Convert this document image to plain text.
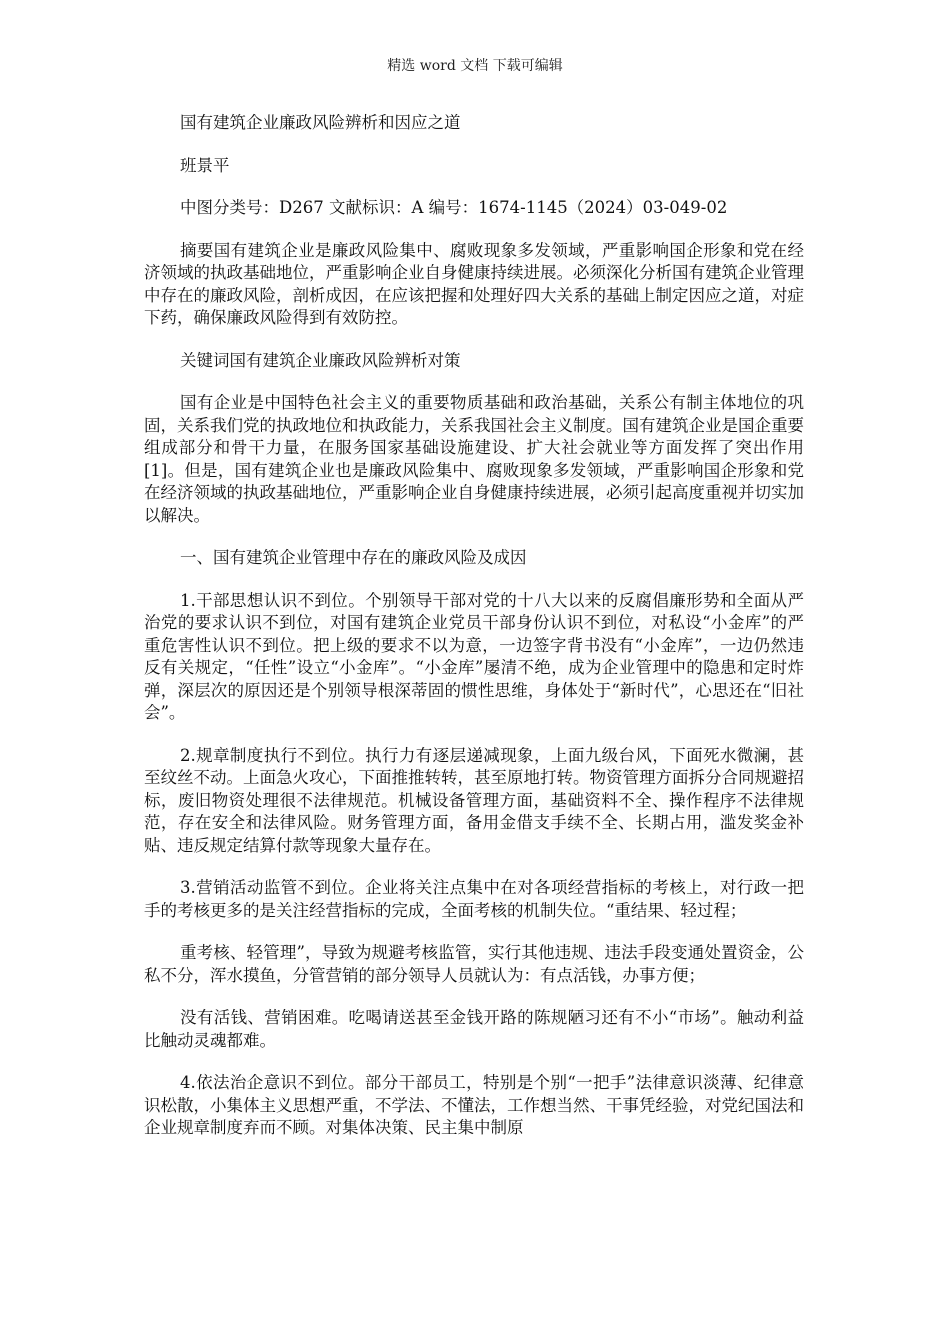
精选 word 文档 下载可编辑

国有建筑企业廉政风险辨析和因应之道

班景平

中图分类号：D267 文献标识：A 编号：1674-1145（2024）03-049-02

摘要国有建筑企业是廉政风险集中、腐败现象多发领域，严重影响国企形象和党在经济领域的执政基础地位，严重影响企业自身健康持续进展。必须深化分析国有建筑企业管理中存在的廉政风险，剖析成因，在应该把握和处理好四大关系的基础上制定因应之道，对症下药，确保廉政风险得到有效防控。

关键词国有建筑企业廉政风险辨析对策

国有企业是中国特色社会主义的重要物质基础和政治基础，关系公有制主体地位的巩固，关系我们党的执政地位和执政能力，关系我国社会主义制度。国有建筑企业是国企重要组成部分和骨干力量，在服务国家基础设施建设、扩大社会就业等方面发挥了突出作用[1]。但是，国有建筑企业也是廉政风险集中、腐败现象多发领域，严重影响国企形象和党在经济领域的执政基础地位，严重影响企业自身健康持续进展，必须引起高度重视并切实加以解决。

一、国有建筑企业管理中存在的廉政风险及成因

1.干部思想认识不到位。个别领导干部对党的十八大以来的反腐倡廉形势和全面从严治党的要求认识不到位，对国有建筑企业党员干部身份认识不到位，对私设“小金库”的严重危害性认识不到位。把上级的要求不以为意，一边签字背书没有“小金库”，一边仍然违反有关规定，“任性”设立“小金库”。“小金库”屡清不绝，成为企业管理中的隐患和定时炸弹，深层次的原因还是个别领导根深蒂固的惯性思维，身体处于“新时代”，心思还在“旧社会”。

2.规章制度执行不到位。执行力有逐层递减现象，上面九级台风，下面死水微澜，甚至纹丝不动。上面急火攻心，下面推推转转，甚至原地打转。物资管理方面拆分合同规避招标，废旧物资处理很不法律规范。机械设备管理方面，基础资料不全、操作程序不法律规范，存在安全和法律风险。财务管理方面，备用金借支手续不全、长期占用，滥发奖金补贴、违反规定结算付款等现象大量存在。

3.营销活动监管不到位。企业将关注点集中在对各项经营指标的考核上，对行政一把手的考核更多的是关注经营指标的完成，全面考核的机制失位。“重结果、轻过程；

重考核、轻管理”，导致为规避考核监管，实行其他违规、违法手段变通处置资金，公私不分，浑水摸鱼，分管营销的部分领导人员就认为：有点活钱，办事方便；

没有活钱、营销困难。吃喝请送甚至金钱开路的陈规陋习还有不小“市场”。触动利益比触动灵魂都难。

4.依法治企意识不到位。部分干部员工，特别是个别“一把手”法律意识淡薄、纪律意识松散，小集体主义思想严重，不学法、不懂法，工作想当然、干事凭经验，对党纪国法和企业规章制度弃而不顾。对集体决策、民主集中制原
